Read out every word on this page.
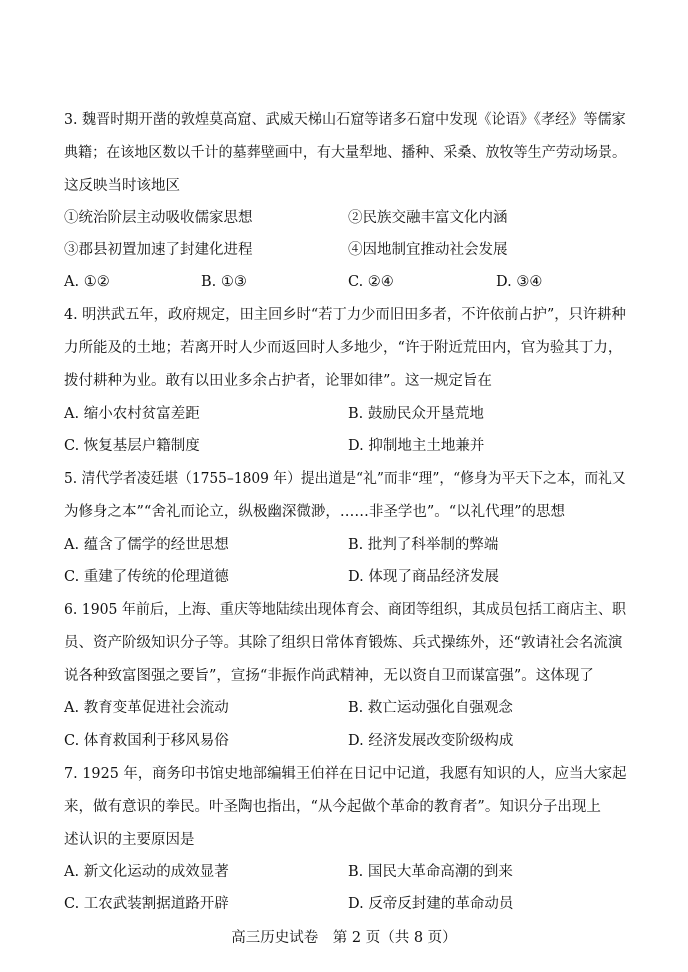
3. 魏晋时期开凿的敦煌莫高窟、武威天梯山石窟等诸多石窟中发现《论语》《孝经》等儒家
典籍；在该地区数以千计的墓葬壁画中，有大量犁地、播种、采桑、放牧等生产劳动场景。
这反映当时该地区
①统治阶层主动吸收儒家思想	②民族交融丰富文化内涵
③郡县初置加速了封建化进程	④因地制宜推动社会发展
A. ①②	B. ①③	C. ②④	D. ③④
4. 明洪武五年，政府规定，田主回乡时“若丁力少而旧田多者，不许依前占护”，只许耕种
力所能及的土地；若离开时人少而返回时人多地少，“许于附近荒田内，官为验其丁力，
拨付耕种为业。敢有以田业多余占护者，论罪如律”。这一规定旨在
A. 缩小农村贫富差距	B. 鼓励民众开垦荒地
C. 恢复基层户籍制度	D. 抑制地主土地兼并
5. 清代学者凌廷堪（1755–1809 年）提出道是“礼”而非“理”，“修身为平天下之本，而礼又
为修身之本”“舍礼而论立，纵极幽深微渺，……非圣学也”。“以礼代理”的思想
A. 蕴含了儒学的经世思想	B. 批判了科举制的弊端
C. 重建了传统的伦理道德	D. 体现了商品经济发展
6. 1905 年前后，上海、重庆等地陆续出现体育会、商团等组织，其成员包括工商店主、职
员、资产阶级知识分子等。其除了组织日常体育锻炼、兵式操练外，还“敦请社会名流演
说各种致富图强之要旨”，宣扬“非振作尚武精神，无以资自卫而谋富强”。这体现了
A. 教育变革促进社会流动	B. 救亡运动强化自强观念
C. 体育救国利于移风易俗	D. 经济发展改变阶级构成
7. 1925 年，商务印书馆史地部编辑王伯祥在日记中记道，我愿有知识的人，应当大家起
来，做有意识的拳民。叶圣陶也指出，“从今起做个革命的教育者”。知识分子出现上
述认识的主要原因是
A. 新文化运动的成效显著	B. 国民大革命高潮的到来
C. 工农武装割据道路开辟	D. 反帝反封建的革命动员
高三历史试卷　第 2 页（共 8 页）
